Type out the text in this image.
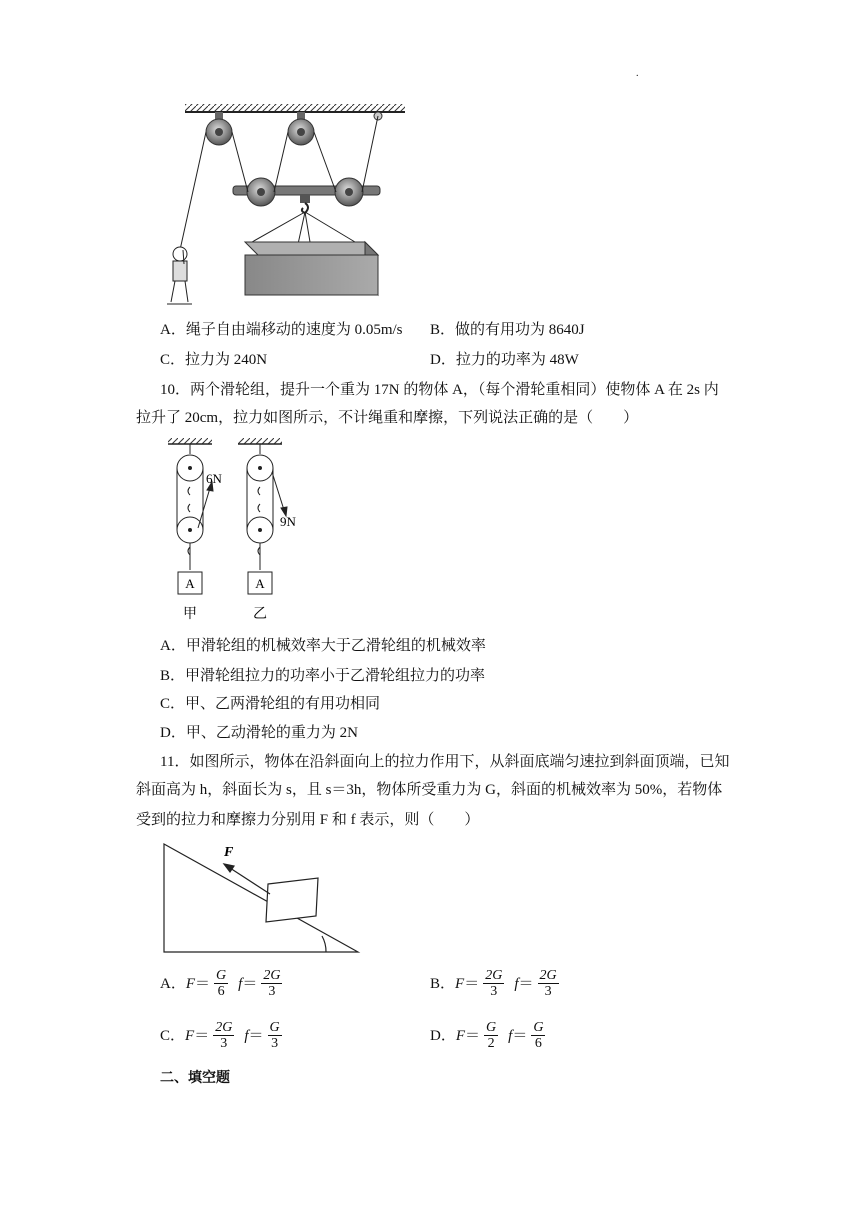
.
A．绳子自由端移动的速度为 0.05m/s B．做的有用功为 8640J
C．拉力为 240N	D．拉力的功率为 48W
10．两个滑轮组，提升一个重为 17N 的物体 A，（每个滑轮重相同）使物体 A 在 2s 内
拉升了 20cm，拉力如图所示，不计绳重和摩擦，下列说法正确的是（　　）
6N
9N
A	A
甲	乙
A．甲滑轮组的机械效率大于乙滑轮组的机械效率
B．甲滑轮组拉力的功率小于乙滑轮组拉力的功率
C．甲、乙两滑轮组的有用功相同
D．甲、乙动滑轮的重力为 2N
11．如图所示，物体在沿斜面向上的拉力作用下，从斜面底端匀速拉到斜面顶端，已知
斜面高为 h，斜面长为 s，且 s＝3h，物体所受重力为 G，斜面的机械效率为 50%，若物体
受到的拉力和摩擦力分别用 F 和 f 表示，则（　　）
F
A． $F = \frac{G}{6}$ $f = \frac{2G}{3}$	B． $F = \frac{2G}{3}$ $f = \frac{2G}{3}$
C． $F = \frac{2G}{3}$ $f = \frac{G}{3}$	D． $F = \frac{G}{2}$ $f = \frac{G}{6}$
二、填空题
